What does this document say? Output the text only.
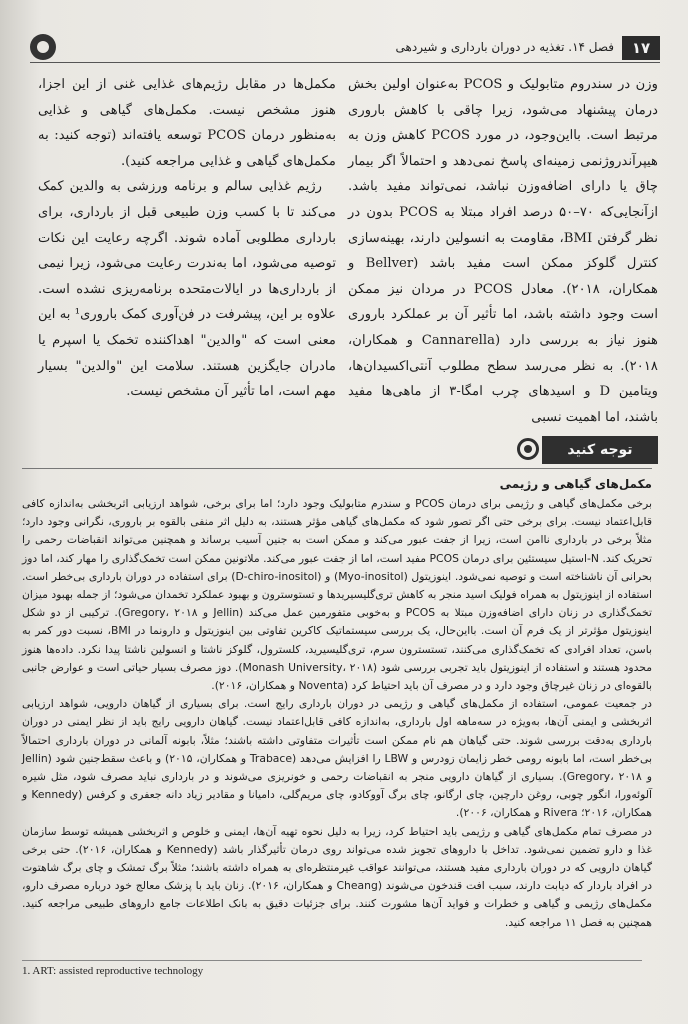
۱۷
فصل ۱۴. تغذیه در دوران بارداری و شیردهی

وزن در سندروم متابولیک و PCOS به‌عنوان اولین بخش درمان پیشنهاد می‌شود، زیرا چاقی با کاهش باروری مرتبط است. بااین‌وجود، در مورد PCOS کاهش وزن به هیپرآندروژنمی زمینه‌ای پاسخ نمی‌دهد و احتمالاً اگر بیمار چاق یا دارای اضافه‌وزن نباشد، نمی‌تواند مفید باشد. ازآنجایی‌که ۷۰–۵۰ درصد افراد مبتلا به PCOS بدون در نظر گرفتن BMI، مقاومت به انسولین دارند، بهینه‌سازی کنترل گلوکز ممکن است مفید باشد (Bellver و همکاران، ۲۰۱۸). معادل PCOS در مردان نیز ممکن است وجود داشته باشد، اما تأثیر آن بر عملکرد باروری هنوز نیاز به بررسی دارد (Cannarella و همکاران، ۲۰۱۸). به نظر می‌رسد سطح مطلوب آنتی‌اکسیدان‌ها، ویتامین D و اسیدهای چرب امگا-۳ از ماهی‌ها مفید باشند، اما اهمیت نسبی

مکمل‌ها در مقابل رژیم‌های غذایی غنی از این اجزا، هنوز مشخص نیست. مکمل‌های گیاهی و غذایی به‌منظور درمان PCOS توسعه یافته‌اند (توجه کنید: به مکمل‌های گیاهی و غذایی مراجعه کنید).

رژیم غذایی سالم و برنامه ورزشی به والدین کمک می‌کند تا با کسب وزن طبیعی قبل از بارداری، برای بارداری مطلوبی آماده شوند. اگرچه رعایت این نکات توصیه می‌شود، اما به‌ندرت رعایت می‌شود، زیرا نیمی از بارداری‌ها در ایالات‌متحده برنامه‌ریزی نشده است. علاوه بر این، پیشرفت در فن‌آوری کمک باروری¹ به این معنی است که "والدین" اهداکننده تخمک یا اسپرم یا مادران جایگزین هستند. سلامت این "والدین" بسیار مهم است، اما تأثیر آن مشخص نیست.

توجه کنید
مکمل‌های گیاهی و رژیمی

برخی مکمل‌های گیاهی و رژیمی برای درمان PCOS و سندرم متابولیک وجود دارد؛ اما برای برخی، شواهد ارزیابی اثربخشی به‌اندازه کافی قابل‌اعتماد نیست. برای برخی حتی اگر تصور شود که مکمل‌های گیاهی مؤثر هستند، به دلیل اثر منفی بالقوه بر باروری، نگرانی وجود دارد؛ مثلاً برخی در بارداری ناامن است، زیرا از جفت عبور می‌کند و ممکن است به جنین آسیب برساند و همچنین می‌تواند انقباضات رحمی را تحریک کند. N-استیل سیستئین برای درمان PCOS مفید است، اما از جفت عبور می‌کند. ملاتونین ممکن است تخمک‌گذاری را مهار کند، اما دوز بحرانی آن ناشناخته است و توصیه نمی‌شود. اینوزیتول (Myo-inositol) و (D-chiro-inositol) برای استفاده در دوران بارداری بی‌خطر است. استفاده از اینوزیتول به همراه فولیک اسید منجر به کاهش تری‌گلیسیریدها و تستوسترون و بهبود عملکرد تخمدان می‌شود؛ از جمله بهبود میزان تخمک‌گذاری در زنان دارای اضافه‌وزن مبتلا به PCOS و به‌خوبی متفورمین عمل می‌کند (Jellin و Gregory، ۲۰۱۸). ترکیبی از دو شکل اینوزیتول مؤثرتر از یک فرم آن است. بااین‌حال، یک بررسی سیستماتیک کاکرین تفاوتی بین اینوزیتول و دارونما در BMI، نسبت دور کمر به باسن، تعداد افرادی که تخمک‌گذاری می‌کنند، تستسترون سرم، تری‌گلیسیرید، کلسترول، گلوکز ناشتا و انسولین ناشتا پیدا نکرد. داده‌ها هنوز محدود هستند و استفاده از اینوزیتول باید تجربی بررسی شود (Monash University، ۲۰۱۸). دوز مصرف بسیار حیاتی است و عوارض جانبی بالقوه‌ای در زنان غیرچاق وجود دارد و در مصرف آن باید احتیاط کرد (Noventa و همکاران، ۲۰۱۶).

در جمعیت عمومی، استفاده از مکمل‌های گیاهی و رژیمی در دوران بارداری رایج است. برای بسیاری از گیاهان دارویی، شواهد ارزیابی اثربخشی و ایمنی آن‌ها، به‌ویژه در سه‌ماهه اول بارداری، به‌اندازه کافی قابل‌اعتماد نیست. گیاهان دارویی رایج باید از نظر ایمنی در دوران بارداری به‌دقت بررسی شوند. حتی گیاهان هم نام ممکن است تأثیرات متفاوتی داشته باشند؛ مثلاً، بابونه آلمانی در دوران بارداری احتمالاً بی‌خطر است، اما بابونه رومی خطر زایمان زودرس و LBW را افزایش می‌دهد (Trabace و همکاران، ۲۰۱۵) و باعث سقط‌جنین شود (Jellin و Gregory، ۲۰۱۸). بسیاری از گیاهان دارویی منجر به انقباضات رحمی و خونریزی می‌شوند و در بارداری نباید مصرف شود، مثل شیره آلوئه‌ورا، انگور چوبی، روغن دارچین، چای ارگانو، چای برگ آووکادو، چای مریم‌گلی، دامیانا و مقادیر زیاد دانه جعفری و کرفس (Kennedy و همکاران، ۲۰۱۶؛ Rivera و همکاران، ۲۰۰۶).

در مصرف تمام مکمل‌های گیاهی و رژیمی باید احتیاط کرد، زیرا به دلیل نحوه تهیه آن‌ها، ایمنی و خلوص و اثربخشی همیشه توسط سازمان غذا و دارو تضمین نمی‌شود. تداخل با داروهای تجویز شده می‌تواند روی درمان تأثیرگذار باشد (Kennedy و همکاران، ۲۰۱۶). حتی برخی گیاهان دارویی که در دوران بارداری مفید هستند، می‌توانند عواقب غیرمنتظره‌ای به همراه داشته باشند؛ مثلاً برگ تمشک و چای برگ شاهتوت در افراد باردار که دیابت دارند، سبب افت قندخون می‌شوند (Cheang و همکاران، ۲۰۱۶). زنان باید با پزشک معالج خود درباره مصرف دارو، مکمل‌های رژیمی و گیاهی و خطرات و فواید آن‌ها مشورت کنند. برای جزئیات دقیق به بانک اطلاعات جامع داروهای طبیعی مراجعه کنید. همچنین به فصل ۱۱ مراجعه کنید.

1. ART: assisted reproductive technology
